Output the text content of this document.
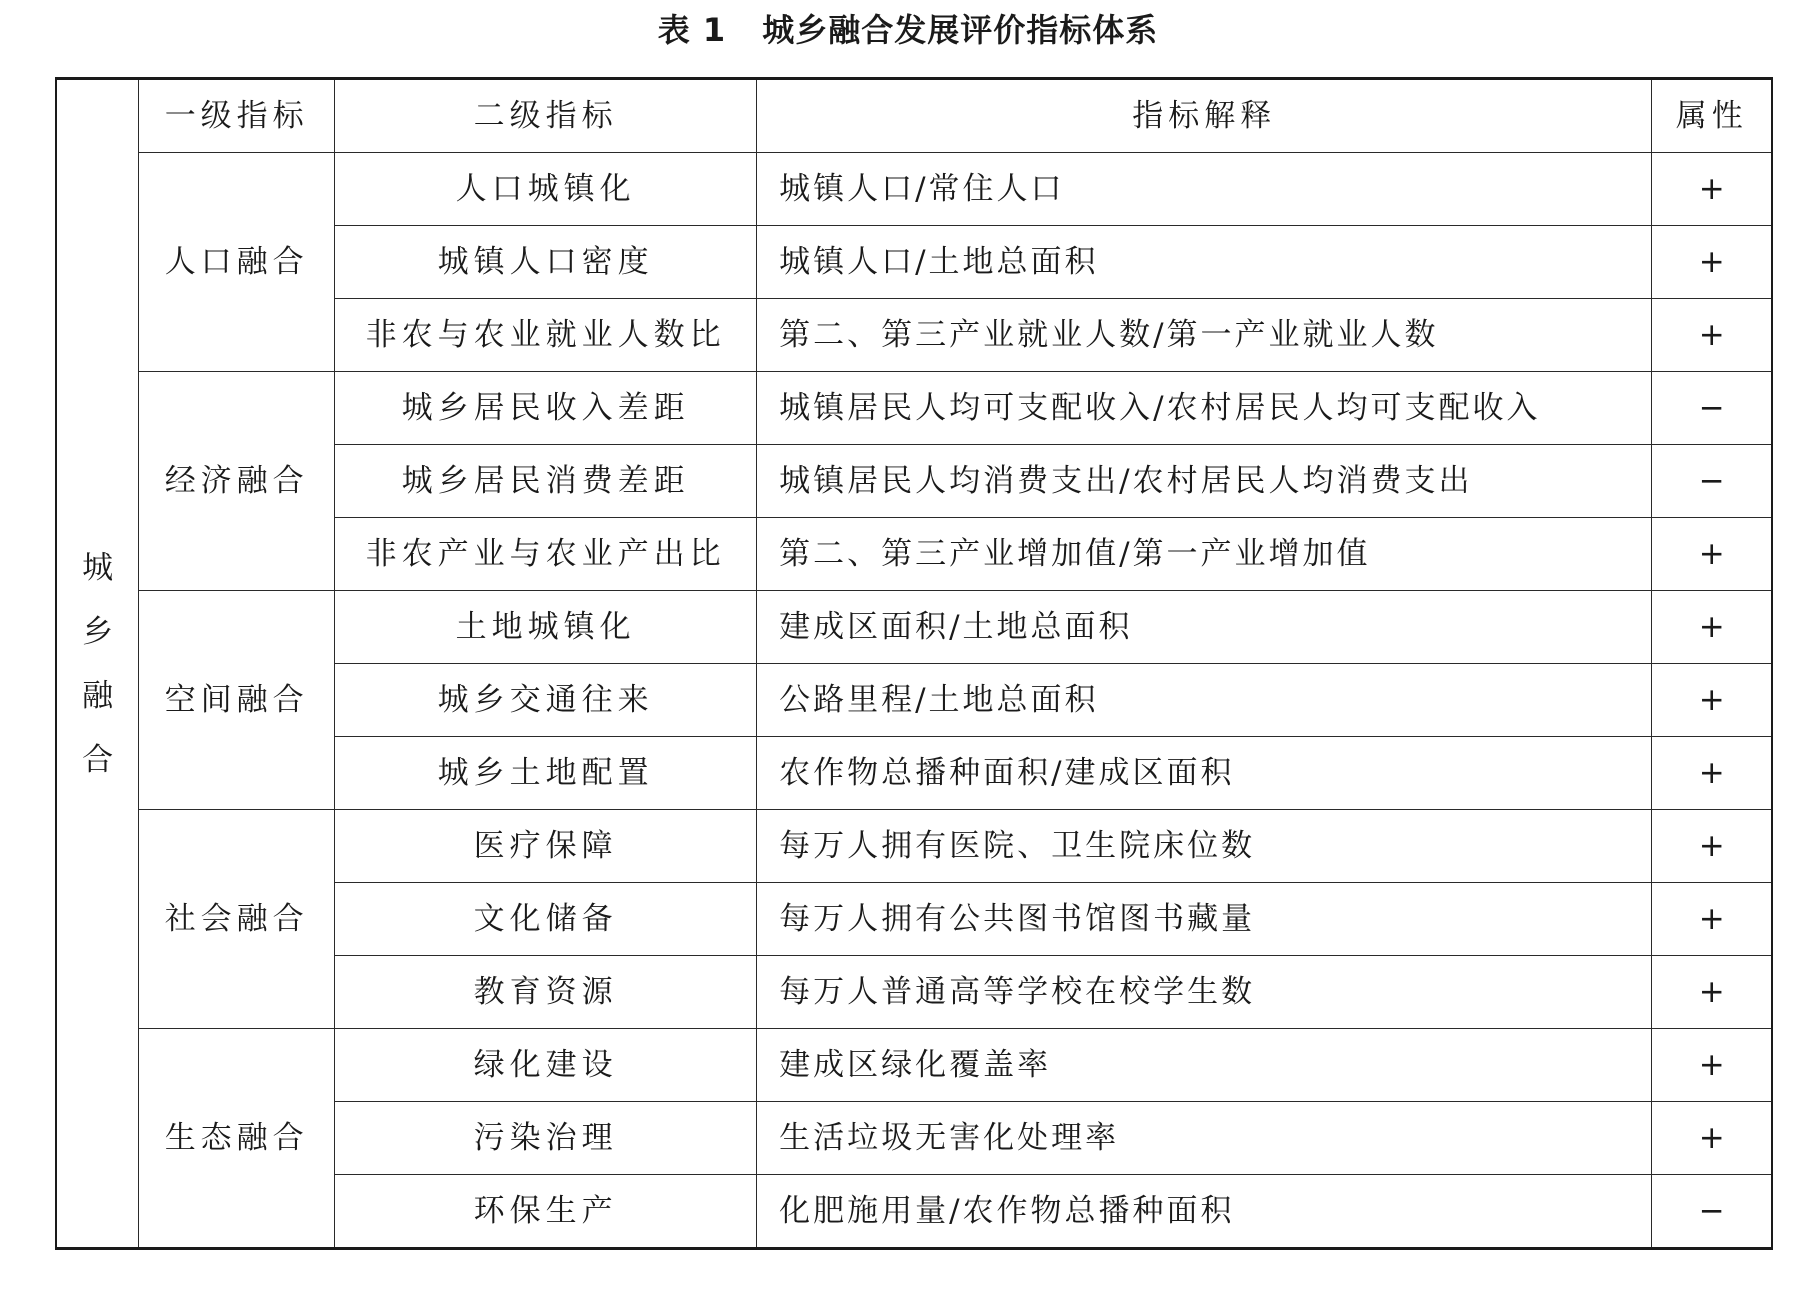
表 1 城乡融合发展评价指标体系
城
乡
融
合	一级指标	二级指标	指标解释	属性
	人口融合	人口城镇化	城镇人口/常住人口	+
		城镇人口密度	城镇人口/土地总面积	+
		非农与农业就业人数比	第二、第三产业就业人数/第一产业就业人数	+
	经济融合	城乡居民收入差距	城镇居民人均可支配收入/农村居民人均可支配收入	−
		城乡居民消费差距	城镇居民人均消费支出/农村居民人均消费支出	−
		非农产业与农业产出比	第二、第三产业增加值/第一产业增加值	+
	空间融合	土地城镇化	建成区面积/土地总面积	+
		城乡交通往来	公路里程/土地总面积	+
		城乡土地配置	农作物总播种面积/建成区面积	+
	社会融合	医疗保障	每万人拥有医院、卫生院床位数	+
		文化储备	每万人拥有公共图书馆图书藏量	+
		教育资源	每万人普通高等学校在校学生数	+
	生态融合	绿化建设	建成区绿化覆盖率	+
		污染治理	生活垃圾无害化处理率	+
		环保生产	化肥施用量/农作物总播种面积	−
